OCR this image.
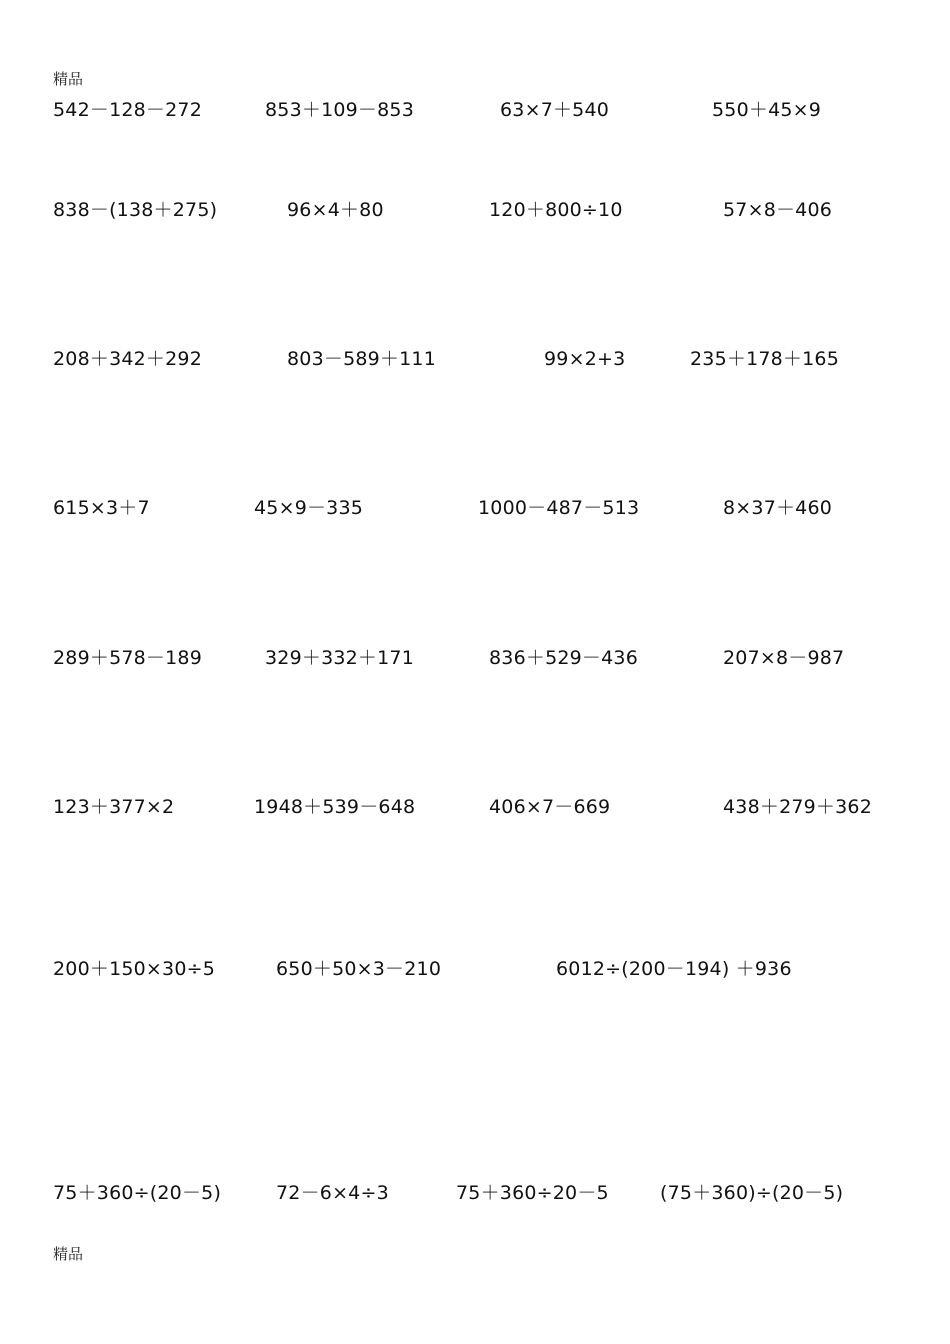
精品
542－128－272	853＋109－853	63×7＋540	550＋45×9
838－(138＋275)	96×4＋80	120＋800÷10	57×8－406
208＋342＋292	803－589＋111	99×2+3	235＋178＋165
615×3＋7	45×9－335	1000－487－513	8×37＋460
289＋578－189	329＋332＋171	836＋529－436	207×8－987
123＋377×2	1948＋539－648	406×7－669	438＋279＋362
200＋150×30÷5	650＋50×3－210	6012÷(200－194) ＋936
75＋360÷(20－5)	72－6×4÷3	75＋360÷20－5	(75＋360)÷(20－5)
精品
